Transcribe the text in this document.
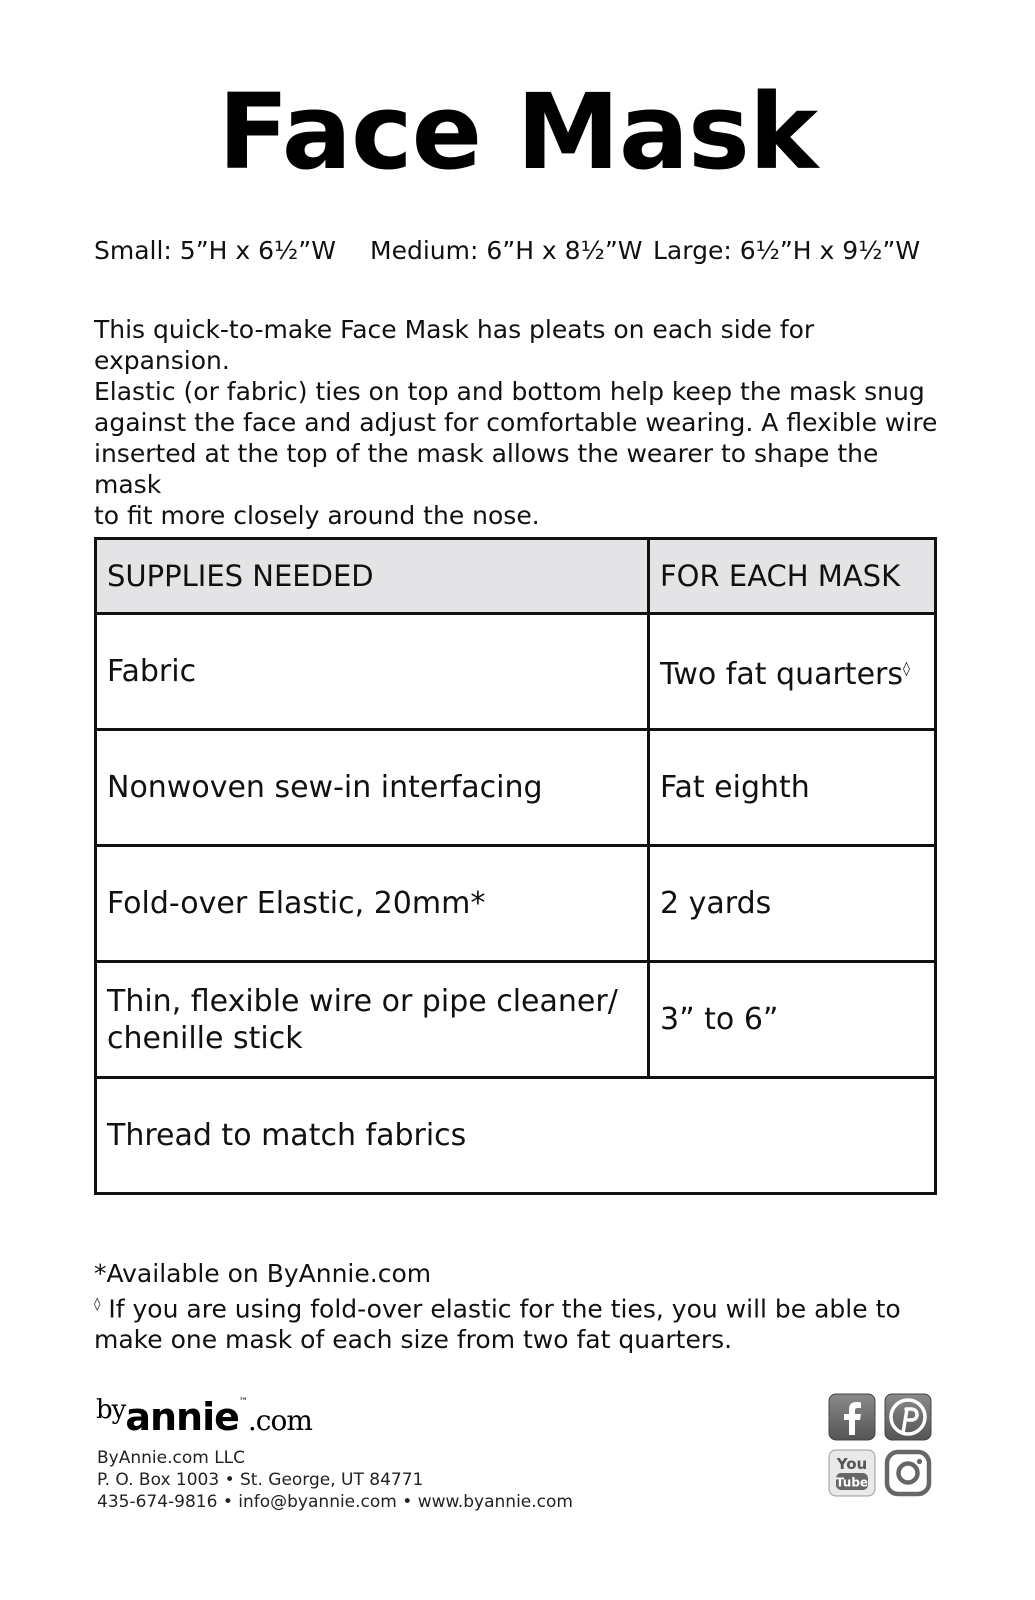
Face Mask
Small: 5”H x 6½”W Medium: 6”H x 8½”W Large: 6½”H x 9½”W
This quick-to-make Face Mask has pleats on each side for expansion.
Elastic (or fabric) ties on top and bottom help keep the mask snug
against the face and adjust for comfortable wearing. A flexible wire
inserted at the top of the mask allows the wearer to shape the mask
to fit more closely around the nose.
SUPPLIES NEEDED	FOR EACH MASK
Fabric	Two fat quarters◊
Nonwoven sew-in interfacing	Fat eighth
Fold-over Elastic, 20mm*	2 yards
Thin, flexible wire or pipe cleaner/
chenille stick	3” to 6”
Thread to match fabrics	
*Available on ByAnnie.com
◊ If you are using fold-over elastic for the ties, you will be able to make one mask of each size from two fat quarters.
byannie™.com
ByAnnie.com LLC
P. O. Box 1003 • St. George, UT 84771
435-674-9816 • info@byannie.com • www.byannie.com
You
Tube
